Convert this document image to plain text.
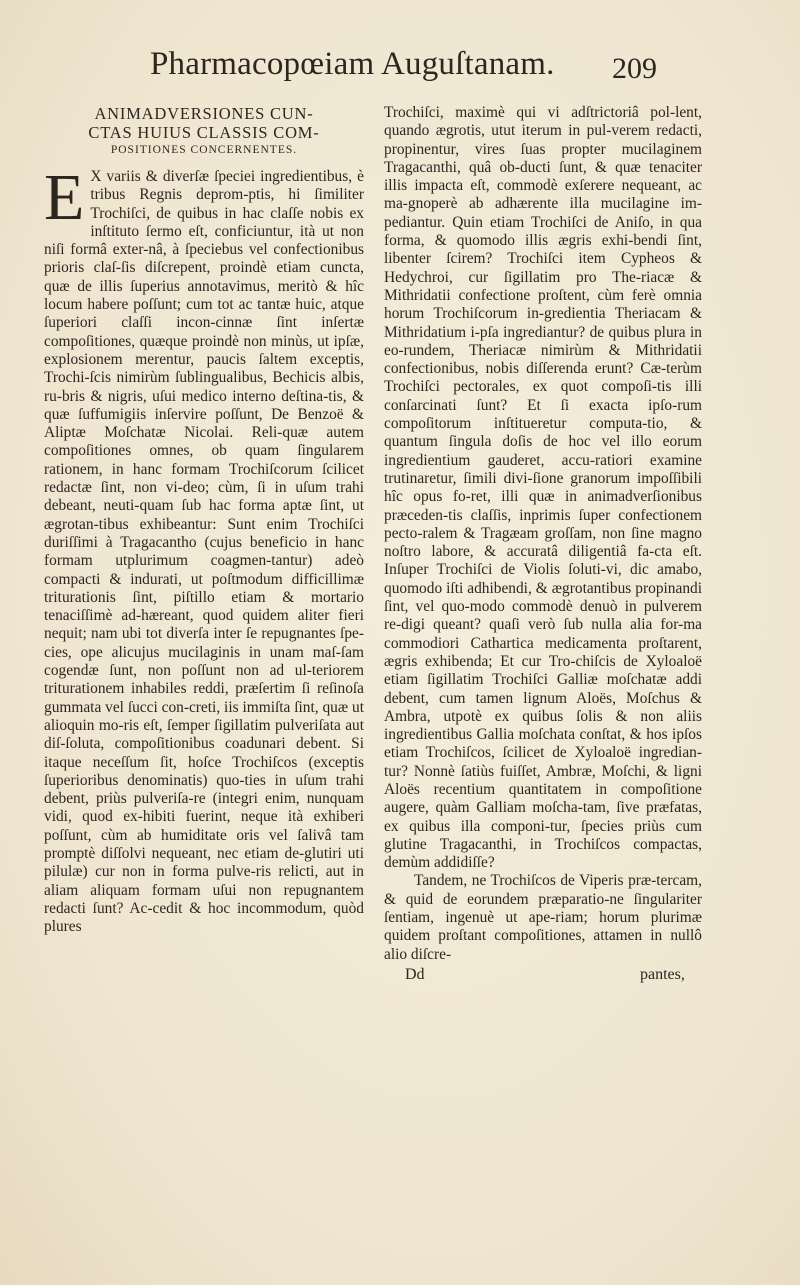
Pharmacopœiam Auguſtanam. 209

ANIMADVERSIONES CUN-

CTAS HUIUS CLASSIS COM-

POSITIONES CONCERNENTES.

E X variis & diverſæ ſpeciei ingredientibus, è tribus Regnis deprom-ptis, hi ſimiliter Trochiſci, de quibus in hac claſſe nobis ex inſtituto ſermo eſt, conficiuntur, ità ut non niſi formâ exter-nâ, à ſpeciebus vel confectionibus prioris claſ-ſis diſcrepent, proindè etiam cuncta, quæ de illis ſuperius annotavimus, meritò & hîc locum habere poſſunt; cum tot ac tantæ huic, atque ſuperiori claſſi incon-cinnæ ſint inſertæ compoſitiones, quæque proindè non minùs, ut ipſæ, explosionem merentur, paucis ſaltem exceptis, Trochi-ſcis nimirùm ſublingualibus, Bechicis albis, ru-bris & nigris, uſui medico interno deſtina-tis, & quæ ſuffumigiis inſervire poſſunt, De Benzoë & Aliptæ Moſchatæ Nicolai. Reli-quæ autem compoſitiones omnes, ob quam ſingularem rationem, in hanc formam Trochiſcorum ſcilicet redactæ ſint, non vi-deo; cùm, ſi in uſum trahi debeant, neuti-quam ſub hac forma aptæ ſint, ut ægrotan-tibus exhibeantur: Sunt enim Trochiſci duriſſimi à Tragacantho (cujus beneficio in hanc formam utplurimum coagmen-tantur) adeò compacti & indurati, ut poſtmodum difficillimæ triturationis ſint, piſtillo etiam & mortario tenaciſſimè ad-hæreant, quod quidem aliter fieri nequit; nam ubi tot diverſa inter ſe repugnantes ſpe-cies, ope alicujus mucilaginis in unam maſ-ſam cogendæ ſunt, non poſſunt non ad ul-teriorem triturationem inhabiles reddi, præſertim ſi reſinoſa gummata vel ſucci con-creti, iis immiſta ſint, quæ ut alioquin mo-ris eſt, ſemper ſigillatim pulveriſata aut diſ-ſoluta, compoſitionibus coadunari debent. Si itaque neceſſum ſit, hoſce Trochiſcos (exceptis ſuperioribus denominatis) quo-ties in uſum trahi debent, priùs pulveriſa-re (integri enim, nunquam vidi, quod ex-hibiti fuerint, neque ità exhiberi poſſunt, cùm ab humiditate oris vel ſalivâ tam promptè diſſolvi nequeant, nec etiam de-glutiri uti pilulæ) cur non in forma pulve-ris relicti, aut in aliam aliquam formam uſui non repugnantem redacti ſunt? Ac-cedit & hoc incommodum, quòd plures

Trochiſci, maximè qui vi adſtrictoriâ pol-lent, quando ægrotis, utut iterum in pul-verem redacti, propinentur, vires ſuas propter mucilaginem Tragacanthi, quâ ob-ducti ſunt, & quæ tenaciter illis impacta eſt, commodè exſerere nequeant, ac ma-gnoperè ab adhærente illa mucilagine im-pediantur. Quin etiam Trochiſci de Aniſo, in qua forma, & quomodo illis ægris exhi-bendi ſint, libenter ſcirem? Trochiſci item Cypheos & Hedychroi, cur ſigillatim pro The-riacæ & Mithridatii confectione proſtent, cùm ferè omnia horum Trochiſcorum in-gredientia Theriacam & Mithridatium i-pſa ingrediantur? de quibus plura in eo-rundem, Theriacæ nimirùm & Mithridatii confectionibus, nobis diſſerenda erunt? Cæ-terùm Trochiſci pectorales, ex quot compoſi-tis illi conſarcinati ſunt? Et ſi exacta ipſo-rum compoſitorum inſtitueretur computa-tio, & quantum ſingula doſis de hoc vel illo eorum ingredientium gauderet, accu-ratiori examine trutinaretur, ſimili divi-ſione granorum impoſſibili hîc opus fo-ret, illi quæ in animadverſionibus præceden-tis claſſis, inprimis ſuper confectionem pecto-ralem & Tragæam groſſam, non ſine magno noſtro labore, & accuratâ diligentiâ fa-cta eſt. Inſuper Trochiſci de Violis ſoluti-vi, dic amabo, quomodo iſti adhibendi, & ægrotantibus propinandi ſint, vel quo-modo commodè denuò in pulverem re-digi queant? quaſi verò ſub nulla alia for-ma commodiori Cathartica medicamenta proſtarent, ægris exhibenda; Et cur Tro-chiſcis de Xyloaloë etiam ſigillatim Trochiſci Galliæ moſchatæ addi debent, cum tamen lignum Aloës, Moſchus & Ambra, utpotè ex quibus ſolis & non aliis ingredientibus Gallia moſchata conſtat, & hos ipſos etiam Trochiſcos, ſcilicet de Xyloaloë ingredian-tur? Nonnè ſatiùs fuiſſet, Ambræ, Moſchi, & ligni Aloës recentium quantitatem in compoſitione augere, quàm Galliam moſcha-tam, ſive præfatas, ex quibus illa componi-tur, ſpecies priùs cum glutine Tragacanthi, in Trochiſcos compactas, demùm addidiſſe?

Tandem, ne Trochiſcos de Viperis præ-tercam, & quid de eorundem præparatio-ne ſingulariter ſentiam, ingenuè ut ape-riam; horum plurimæ quidem proſtant compoſitiones, attamen in nullô alio diſcre-

Dd	pantes,
